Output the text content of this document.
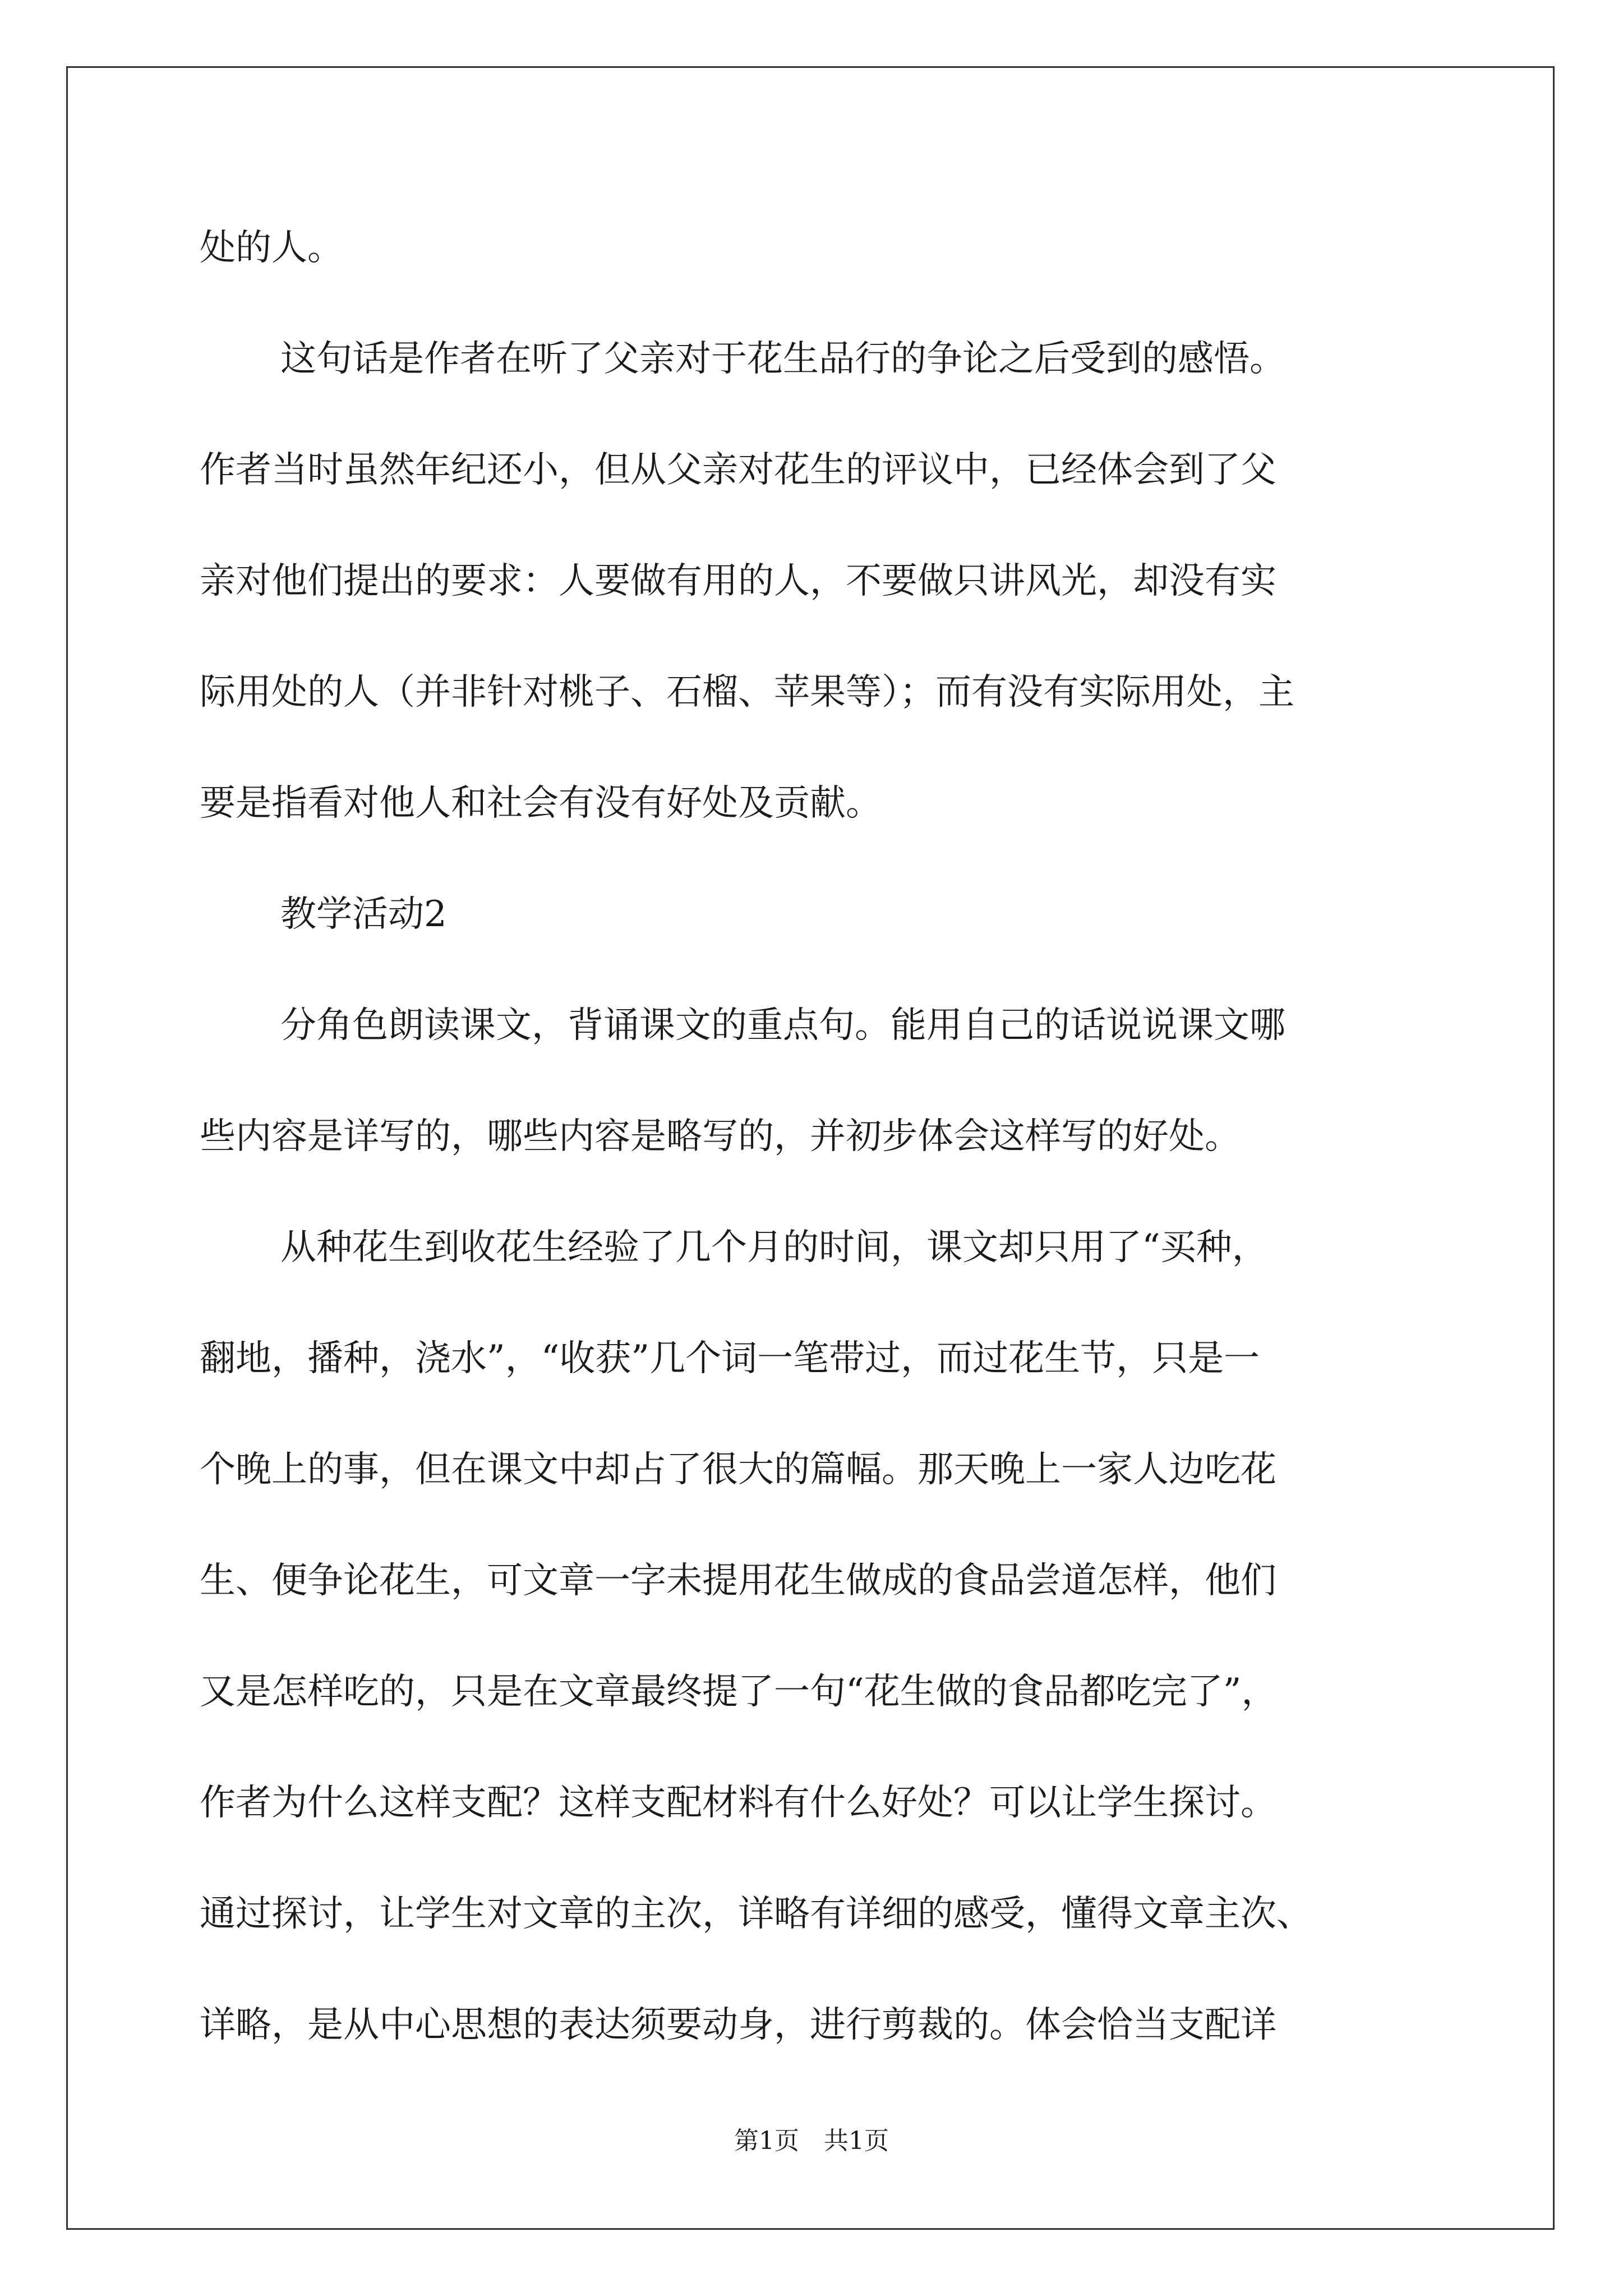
处的人。
这句话是作者在听了父亲对于花生品行的争论之后受到的感悟。
作者当时虽然年纪还小，但从父亲对花生的评议中，已经体会到了父
亲对他们提出的要求：人要做有用的人，不要做只讲风光，却没有实
际用处的人（并非针对桃子、石榴、苹果等）；而有没有实际用处，主
要是指看对他人和社会有没有好处及贡献。
教学活动2
分角色朗读课文，背诵课文的重点句。能用自己的话说说课文哪
些内容是详写的，哪些内容是略写的，并初步体会这样写的好处。
从种花生到收花生经验了几个月的时间，课文却只用了“买种，
翻地，播种，浇水”，“收获”几个词一笔带过，而过花生节，只是一
个晚上的事，但在课文中却占了很大的篇幅。那天晚上一家人边吃花
生、便争论花生，可文章一字未提用花生做成的食品尝道怎样，他们
又是怎样吃的，只是在文章最终提了一句“花生做的食品都吃完了”，
作者为什么这样支配？这样支配材料有什么好处？可以让学生探讨。
通过探讨，让学生对文章的主次，详略有详细的感受，懂得文章主次、
详略，是从中心思想的表达须要动身，进行剪裁的。体会恰当支配详
第1页　共1页
